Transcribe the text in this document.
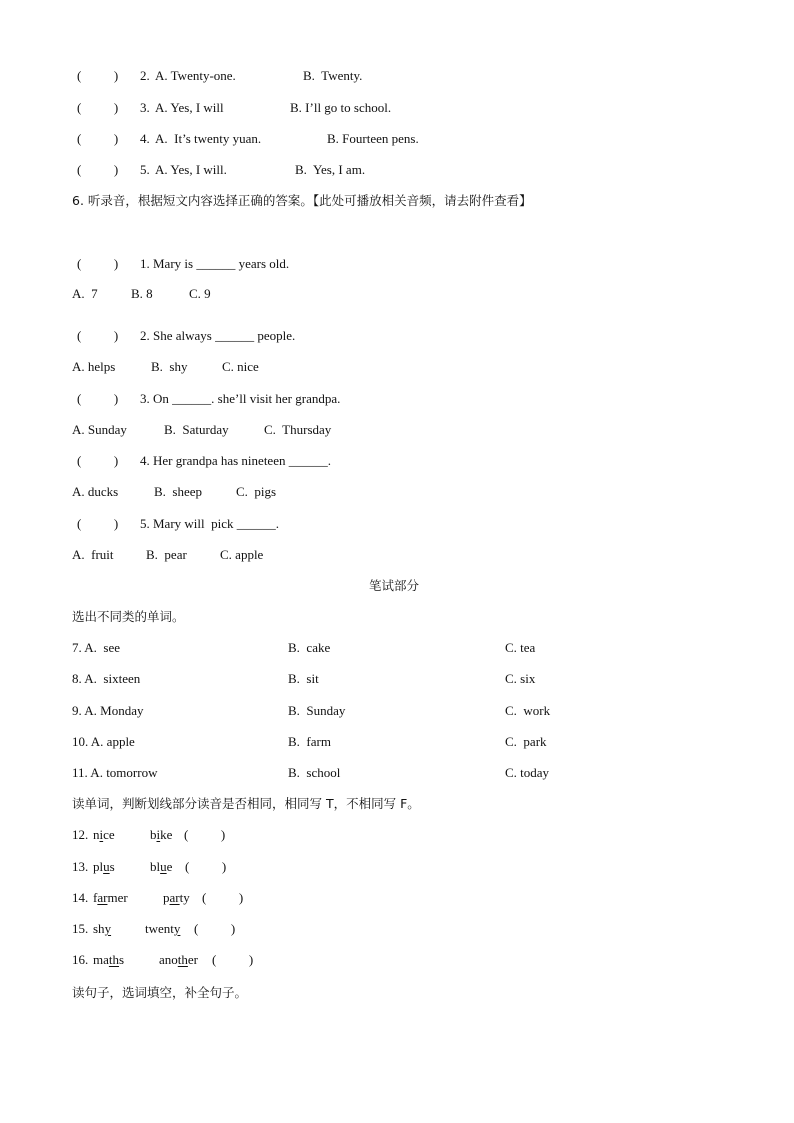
(          ) 2. A. Twenty-one.	B.  Twenty.
(          ) 3. A. Yes, I will	B. I’ll go to school.
(          ) 4. A.  It’s twenty yuan.	B. Fourteen pens.
(          ) 5. A. Yes, I will.	B.  Yes, I am.
6. 听录音，根据短文内容选择正确的答案。【此处可播放相关音频，请去附件查看】
(          ) 1. Mary is ______ years old.
A.  7	B. 8	C. 9
(          ) 2. She always ______ people.
A. helps	B.  shy	C. nice
(          ) 3. On ______. she’ll visit her grandpa.
A. Sunday	B.  Saturday	C.  Thursday
(          ) 4. Her grandpa has nineteen ______.
A. ducks	B.  sheep	C.  pigs
(          ) 5. Mary will  pick ______.
A.  fruit B.  pear	C. apple
笔试部分
选出不同类的单词。
7. A.  see	B.  cake	C. tea
8. A.  sixteen	B.  sit	C. six
9. A. Monday	B.  Sunday	C.  work
10. A. apple	B.  farm	C.  park
11. A. tomorrow	B.  school	C. today
读单词，判断划线部分读音是否相同，相同写 T，不相同写 F。
12. nice	bike (          )
13. plus	blue (          )
14. farmer	party (          )
15. shy	twenty (          )
16. maths	another (          )
读句子，选词填空，补全句子。
